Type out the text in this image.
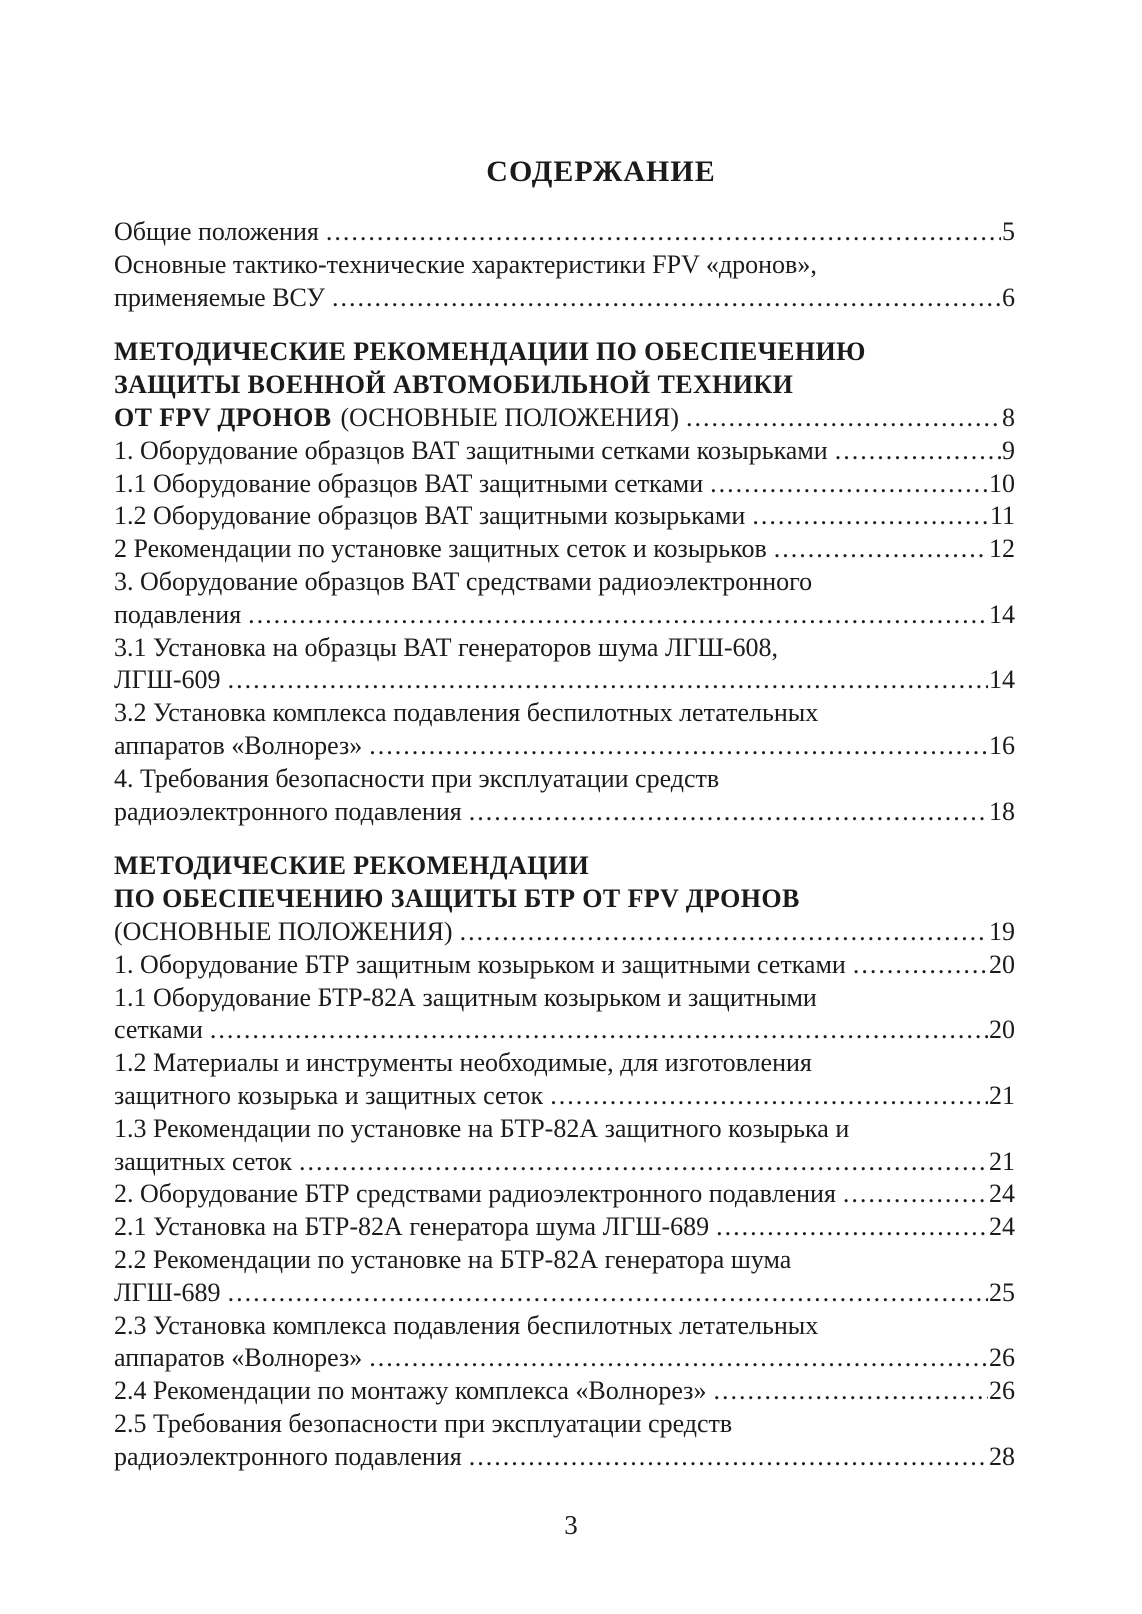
СОДЕРЖАНИЕ
Общие положения .....	5
Основные тактико-технические характеристики FPV «дронов»,
применяемые ВСУ .....	6
МЕТОДИЧЕСКИЕ РЕКОМЕНДАЦИИ ПО ОБЕСПЕЧЕНИЮ
ЗАЩИТЫ ВОЕННОЙ АВТОМОБИЛЬНОЙ ТЕХНИКИ
ОТ FPV ДРОНОВ (ОСНОВНЫЕ ПОЛОЖЕНИЯ) .....	8
1. Оборудование образцов ВАТ защитными сетками козырьками .....	9
1.1 Оборудование образцов ВАТ защитными сетками .....	10
1.2 Оборудование образцов ВАТ защитными козырьками .....	11
2 Рекомендации по установке защитных сеток и козырьков .....	12
3. Оборудование образцов ВАТ средствами радиоэлектронного
подавления .....	14
3.1 Установка на образцы ВАТ генераторов шума ЛГШ-608,
ЛГШ-609 .....	14
3.2 Установка комплекса подавления беспилотных летательных
аппаратов «Волнорез» .....	16
4. Требования безопасности при эксплуатации средств
радиоэлектронного подавления .....	18
МЕТОДИЧЕСКИЕ РЕКОМЕНДАЦИИ
ПО ОБЕСПЕЧЕНИЮ ЗАЩИТЫ БТР ОТ FPV ДРОНОВ
(ОСНОВНЫЕ ПОЛОЖЕНИЯ) .....	19
1. Оборудование БТР защитным козырьком и защитными сетками .....	20
1.1 Оборудование БТР-82А защитным козырьком и защитными
сетками .....	20
1.2 Материалы и инструменты необходимые, для изготовления
защитного козырька и защитных сеток .....	21
1.3 Рекомендации по установке на БТР-82А защитного козырька и
защитных сеток .....	21
2. Оборудование БТР средствами радиоэлектронного подавления .....	24
2.1 Установка на БТР-82А генератора шума ЛГШ-689 .....	24
2.2 Рекомендации по установке на БТР-82А генератора шума
ЛГШ-689 .....	25
2.3 Установка комплекса подавления беспилотных летательных
аппаратов «Волнорез» .....	26
2.4 Рекомендации по монтажу комплекса «Волнорез» .....	26
2.5 Требования безопасности при эксплуатации средств
радиоэлектронного подавления .....	28
3
